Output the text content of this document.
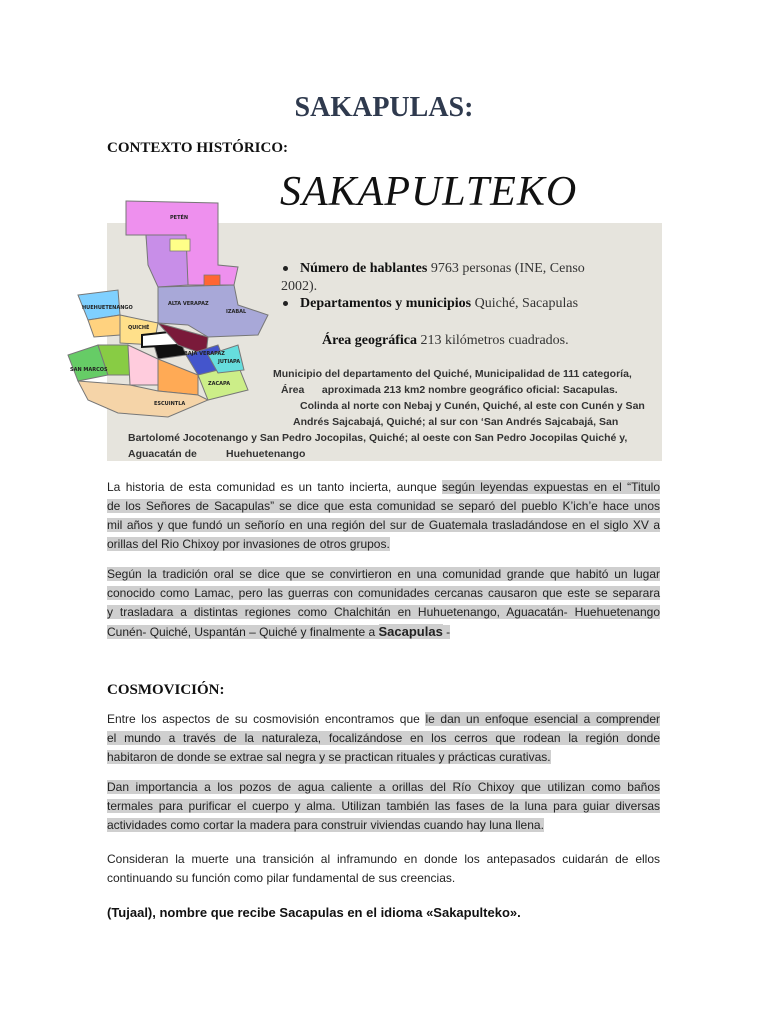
SAKAPULAS:
CONTEXTO HISTÓRICO:
SAKAPULTEKO
PETÉN
IZABAL
ALTA VERAPAZ
BAJA VERAPAZ
QUICHÉ
HUEHUETENANGO
SAN MARCOS
ESCUINTLA
ZACAPA
JUTIAPA
Número de hablantes 9763 personas (INE, Censo
2002).
Departamentos y municipios Quiché, Sacapulas
Área geográfica 213 kilómetros cuadrados.
Municipio del departamento del Quiché, Municipalidad de 111 categoría,
Área      aproximada 213 km2 nombre geográfico oficial: Sacapulas.
Colinda al norte con Nebaj y Cunén, Quiché, al este con Cunén y San
Andrés Sajcabajá, Quiché; al sur con ‘San Andrés Sajcabajá, San
Bartolomé Jocotenango y San Pedro Jocopilas, Quiché; al oeste con San Pedro Jocopilas Quiché y,
Aguacatán de          Huehuetenango
La historia de esta comunidad es un tanto incierta, aunque según leyendas expuestas en el “Titulo
de los Señores de Sacapulas” se dice que esta comunidad se separó del pueblo K’ich’e hace unos
mil años y que fundó un señorío en una región del sur de Guatemala trasladándose en el siglo XV a
orillas del Rio Chixoy por invasiones de otros grupos.
Según la tradición oral se dice que se convirtieron en una comunidad grande que habitó un lugar
conocido como Lamac, pero las guerras con comunidades cercanas causaron que este se separara
y trasladara a distintas regiones como Chalchitán en Huhuetenango, Aguacatán- Huehuetenango
Cunén- Quiché, Uspantán – Quiché y finalmente a Sacapulas -
COSMOVICIÓN:
Entre los aspectos de su cosmovisión encontramos que le dan un enfoque esencial a comprender
el mundo a través de la naturaleza, focalizándose en los cerros que rodean la región donde
habitaron de donde se extrae sal negra y se practican rituales y prácticas curativas.
Dan importancia a los pozos de agua caliente a orillas del Río Chixoy que utilizan como baños
termales para purificar el cuerpo y alma. Utilizan también las fases de la luna para guiar diversas
actividades como cortar la madera para construir viviendas cuando hay luna llena.
Consideran la muerte una transición al inframundo en donde los antepasados cuidarán de ellos
continuando su función como pilar fundamental de sus creencias.
(Tujaal), nombre que recibe Sacapulas en el idioma «Sakapulteko».
